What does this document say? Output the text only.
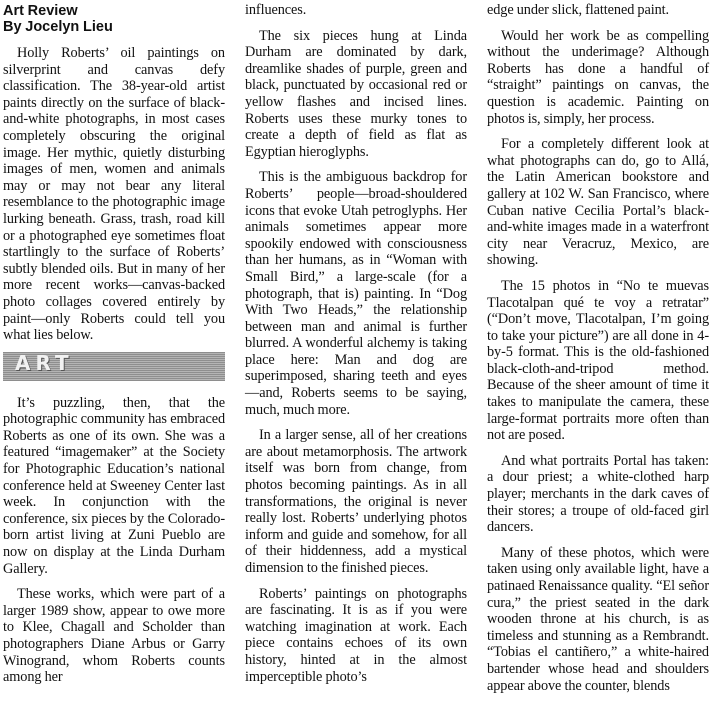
Art Review
By Jocelyn Lieu

Holly Roberts’ oil paintings on silverprint and canvas defy classification. The 38-year-old artist paints directly on the surface of black-and-white photographs, in most cases completely obscuring the original image. Her mythic, quietly disturbing images of men, women and animals may or may not bear any literal resemblance to the photographic image lurking beneath. Grass, trash, road kill or a photographed eye sometimes float startlingly to the surface of Roberts’ subtly blended oils. But in many of her more recent works—canvas-backed photo collages covered entirely by paint—only Roberts could tell you what lies below.

ART

It’s puzzling, then, that the photographic community has embraced Roberts as one of its own. She was a featured “imagemaker” at the Society for Photographic Education’s national conference held at Sweeney Center last week. In conjunction with the conference, six pieces by the Colorado-born artist living at Zuni Pueblo are now on display at the Linda Durham Gallery.

These works, which were part of a larger 1989 show, appear to owe more to Klee, Chagall and Scholder than photographers Diane Arbus or Garry Winogrand, whom Roberts counts among her

influences.

The six pieces hung at Linda Durham are dominated by dark, dreamlike shades of purple, green and black, punctuated by occasional red or yellow flashes and incised lines. Roberts uses these murky tones to create a depth of field as flat as Egyptian hieroglyphs.

This is the ambiguous backdrop for Roberts’ people—broad-shouldered icons that evoke Utah petroglyphs. Her animals sometimes appear more spookily endowed with consciousness than her humans, as in “Woman with Small Bird,” a large-scale (for a photograph, that is) painting. In “Dog With Two Heads,” the relationship between man and animal is further blurred. A wonderful alchemy is taking place here: Man and dog are superimposed, sharing teeth and eyes—and, Roberts seems to be saying, much, much more.

In a larger sense, all of her creations are about metamorphosis. The artwork itself was born from change, from photos becoming paintings. As in all transformations, the original is never really lost. Roberts’ underlying photos inform and guide and somehow, for all of their hiddenness, add a mystical dimension to the finished pieces.

Roberts’ paintings on photographs are fascinating. It is as if you were watching imagination at work. Each piece contains echoes of its own history, hinted at in the almost imperceptible photo’s

edge under slick, flattened paint.

Would her work be as compelling without the underimage? Although Roberts has done a handful of “straight” paintings on canvas, the question is academic. Painting on photos is, simply, her process.

For a completely different look at what photographs can do, go to Allá, the Latin American bookstore and gallery at 102 W. San Francisco, where Cuban native Cecilia Portal’s black-and-white images made in a waterfront city near Veracruz, Mexico, are showing.

The 15 photos in “No te muevas Tlacotalpan qué te voy a retratar” (“Don’t move, Tlacotalpan, I’m going to take your picture”) are all done in 4-by-5 format. This is the old-fashioned black-cloth-and-tripod method. Because of the sheer amount of time it takes to manipulate the camera, these large-format portraits more often than not are posed.

And what portraits Portal has taken: a dour priest; a white-clothed harp player; merchants in the dark caves of their stores; a troupe of old-faced girl dancers.

Many of these photos, which were taken using only available light, have a patinaed Renaissance quality. “El señor cura,” the priest seated in the dark wooden throne at his church, is as timeless and stunning as a Rembrandt. “Tobias el cantiñero,” a white-haired bartender whose head and shoulders appear above the counter, blends
